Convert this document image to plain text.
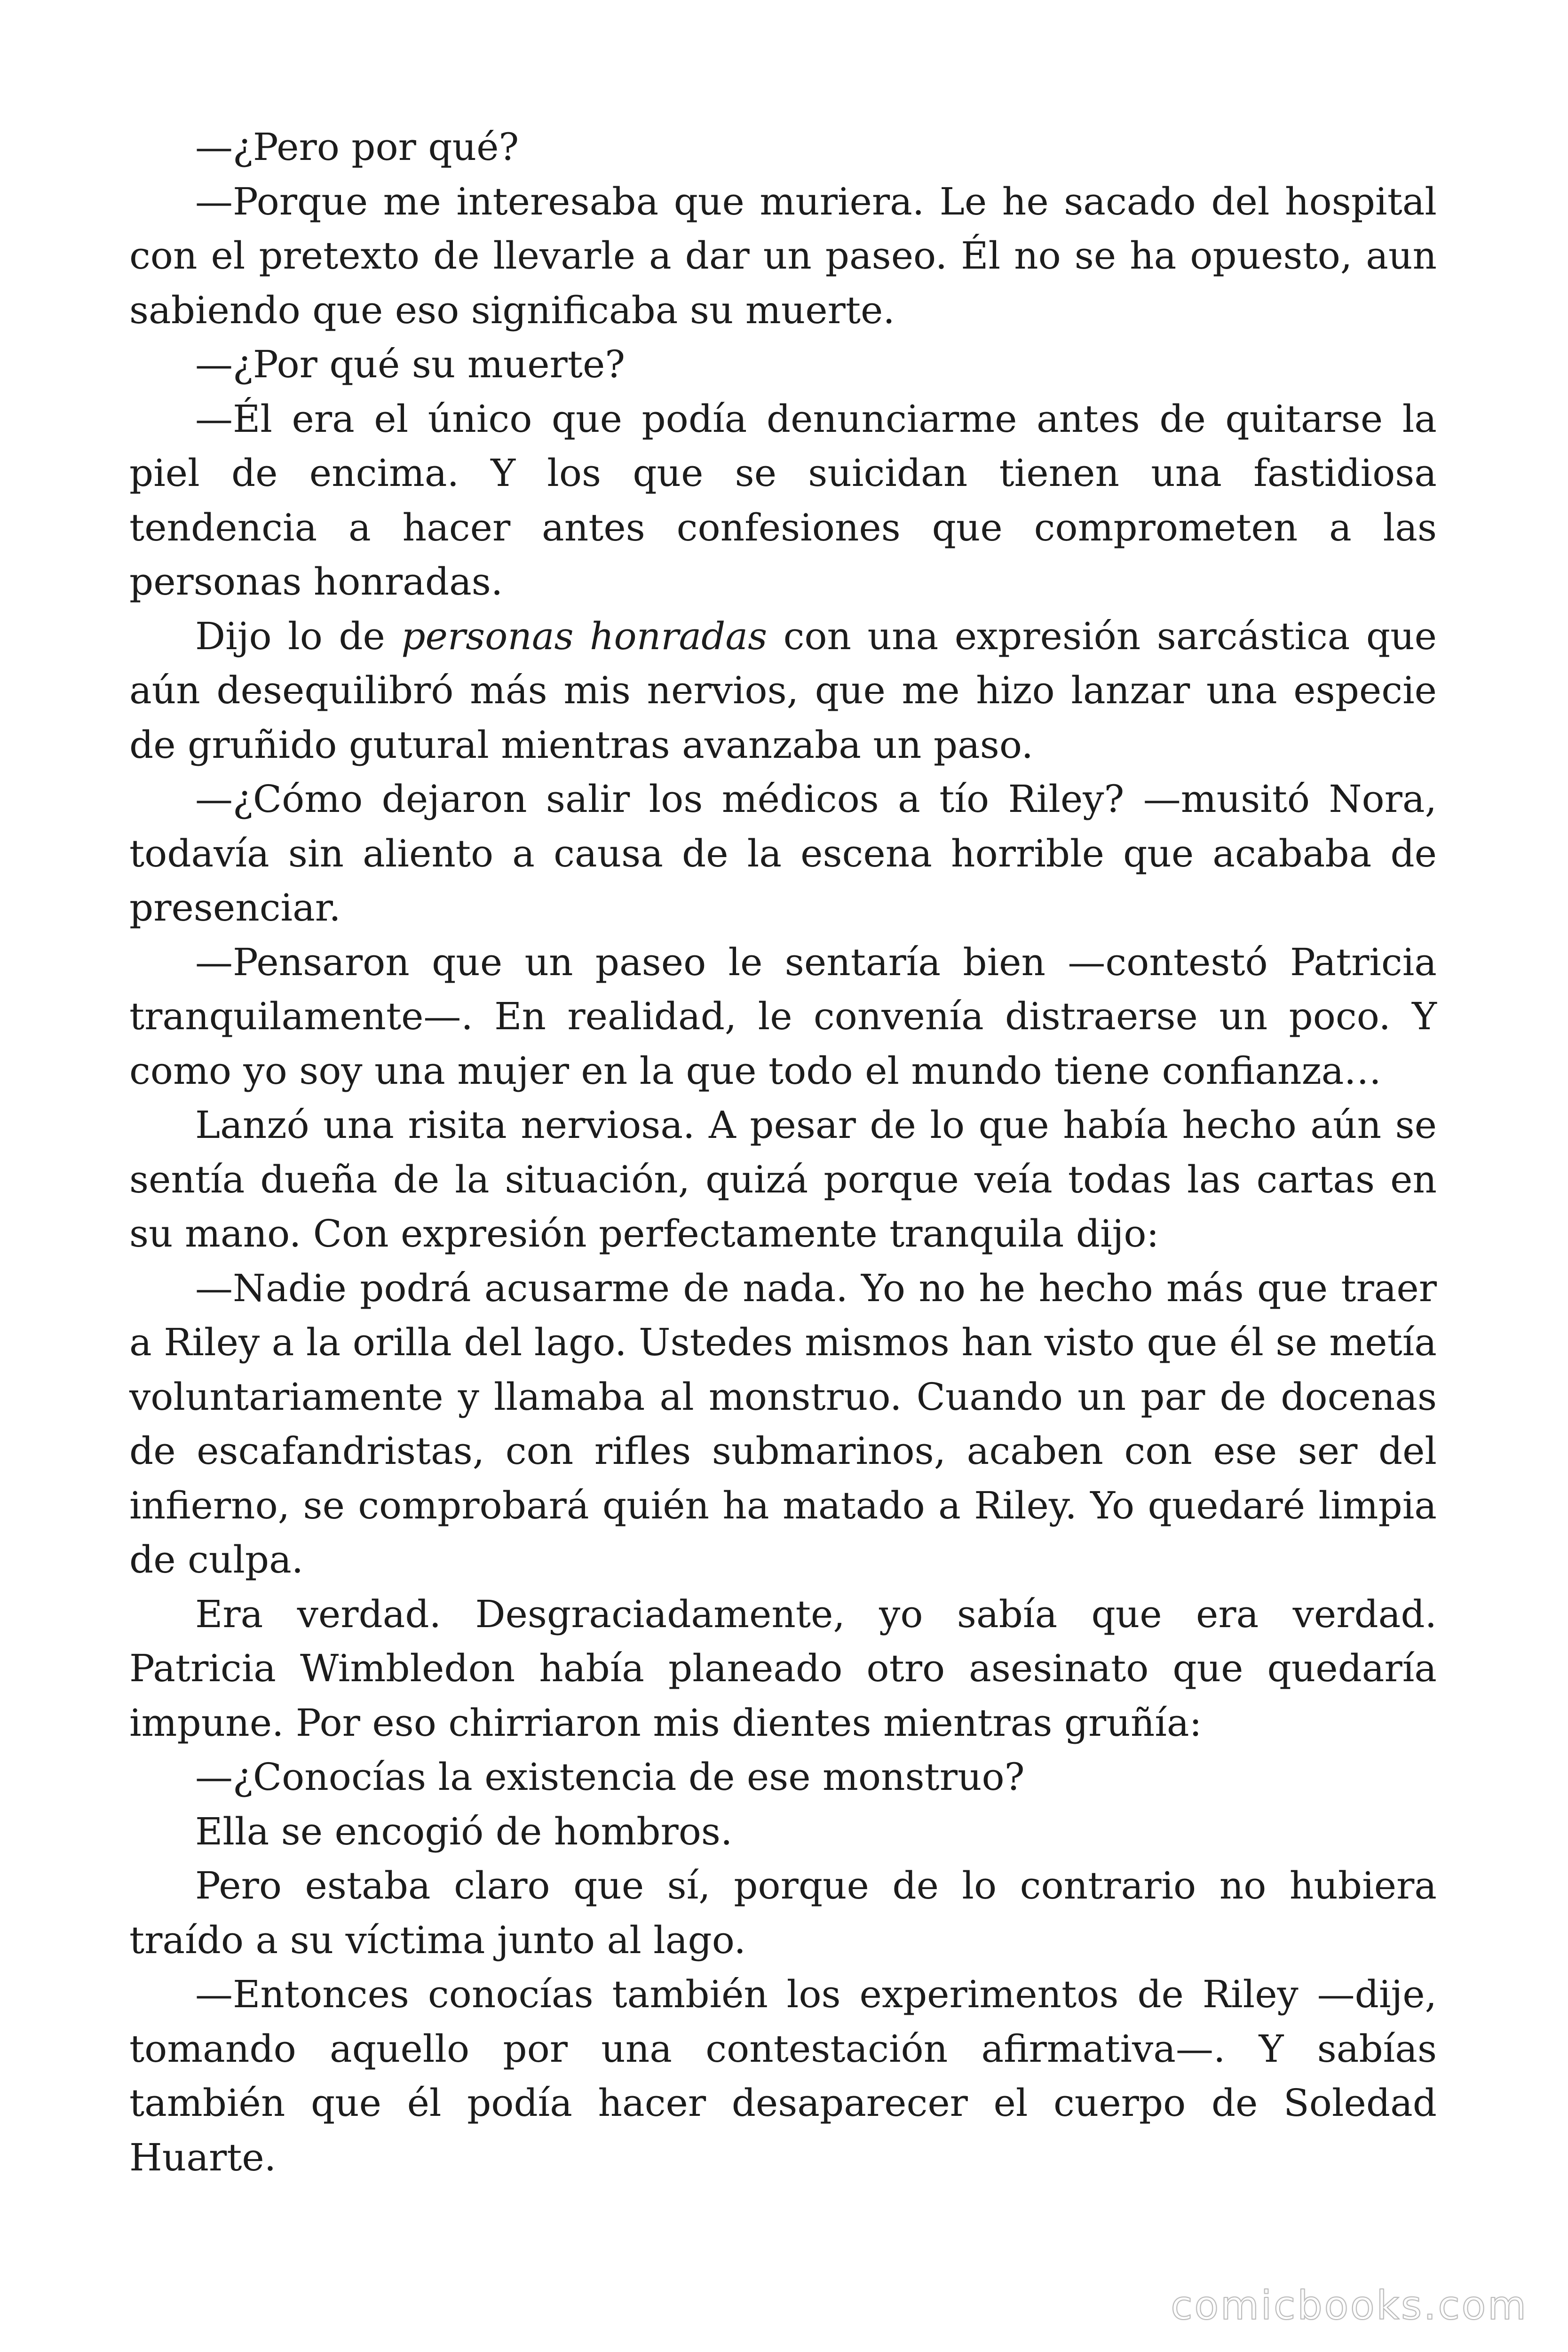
—¿Pero por qué?

—Porque me interesaba que muriera. Le he sacado del hospital con el pretexto de llevarle a dar un paseo. Él no se ha opuesto, aun sabiendo que eso significaba su muerte.

—¿Por qué su muerte?

—Él era el único que podía denunciarme antes de quitarse la piel de encima. Y los que se suicidan tienen una fastidiosa tendencia a hacer antes confesiones que comprometen a las personas honradas.

Dijo lo de personas honradas con una expresión sarcástica que aún desequilibró más mis nervios, que me hizo lanzar una especie de gruñido gutural mientras avanzaba un paso.

—¿Cómo dejaron salir los médicos a tío Riley? —musitó Nora, todavía sin aliento a causa de la escena horrible que acababa de presenciar.

—Pensaron que un paseo le sentaría bien —contestó Patricia tranquilamente—. En realidad, le convenía distraerse un poco. Y como yo soy una mujer en la que todo el mundo tiene confianza…

Lanzó una risita nerviosa. A pesar de lo que había hecho aún se sentía dueña de la situación, quizá porque veía todas las cartas en su mano. Con expresión perfectamente tranquila dijo:

—Nadie podrá acusarme de nada. Yo no he hecho más que traer a Riley a la orilla del lago. Ustedes mismos han visto que él se metía voluntariamente y llamaba al monstruo. Cuando un par de docenas de escafandristas, con rifles submarinos, acaben con ese ser del infierno, se comprobará quién ha matado a Riley. Yo quedaré limpia de culpa.

Era verdad. Desgraciadamente, yo sabía que era verdad. Patricia Wimbledon había planeado otro asesinato que quedaría impune. Por eso chirriaron mis dientes mientras gruñía:

—¿Conocías la existencia de ese monstruo?

Ella se encogió de hombros.

Pero estaba claro que sí, porque de lo contrario no hubiera traído a su víctima junto al lago.

—Entonces conocías también los experimentos de Riley —dije, tomando aquello por una contestación afirmativa—. Y sabías también que él podía hacer desaparecer el cuerpo de Soledad Huarte.

comicbooks.com
